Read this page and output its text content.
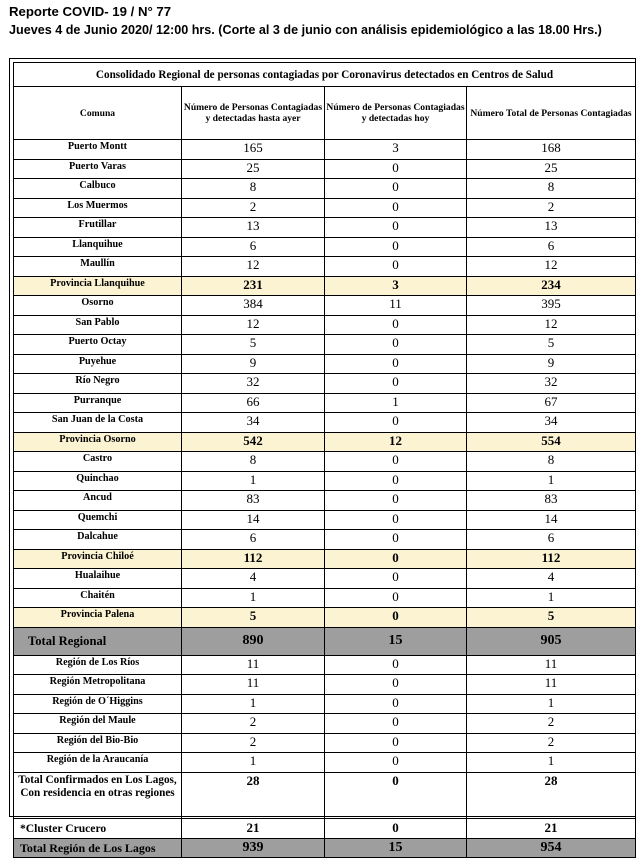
Reporte COVID- 19 / N° 77
Jueves 4 de Junio 2020/ 12:00 hrs. (Corte al 3 de junio con análisis epidemiológico a las 18.00 Hrs.)
Consolidado Regional de personas contagiadas por Coronavirus detectados en Centros de Salud			
Comuna	Número de Personas Contagiadas y detectadas hasta ayer	Número de Personas Contagiadas y detectadas hoy	Número Total de Personas Contagiadas
Puerto Montt	165	3	168
Puerto Varas	25	0	25
Calbuco	8	0	8
Los Muermos	2	0	2
Frutillar	13	0	13
Llanquihue	6	0	6
Maullín	12	0	12
Provincia Llanquihue	231	3	234
Osorno	384	11	395
San Pablo	12	0	12
Puerto Octay	5	0	5
Puyehue	9	0	9
Río Negro	32	0	32
Purranque	66	1	67
San Juan de la Costa	34	0	34
Provincia Osorno	542	12	554
Castro	8	0	8
Quinchao	1	0	1
Ancud	83	0	83
Quemchi	14	0	14
Dalcahue	6	0	6
Provincia Chiloé	112	0	112
Hualaihue	4	0	4
Chaitén	1	0	1
Provincia Palena	5	0	5
Total Regional	890	15	905
Región de Los Ríos	11	0	11
Región Metropolitana	11	0	11
Región de O´Higgins	1	0	1
Región del Maule	2	0	2
Región del Bio-Bio	2	0	2
Región de la Araucanía	1	0	1
Total Confirmados en Los Lagos, Con residencia en otras regiones	28	0	28
*Cluster Crucero	21	0	21
Total Región de Los Lagos	939	15	954
